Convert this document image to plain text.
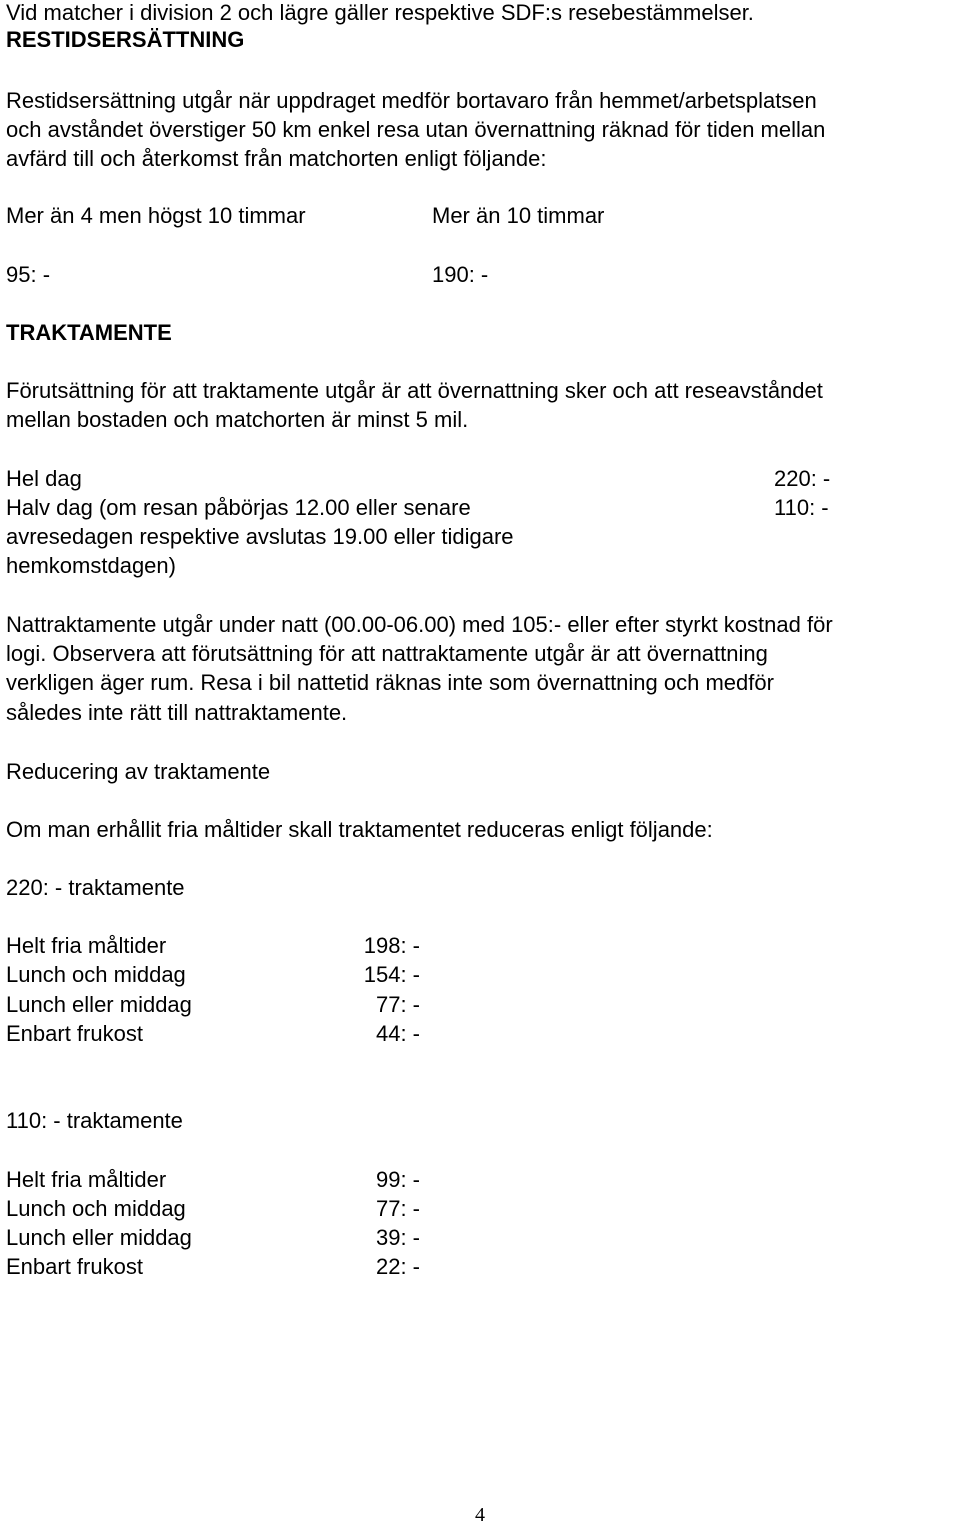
Vid matcher i division 2 och lägre gäller respektive SDF:s resebestämmelser.

RESTIDSERSÄTTNING

Restidsersättning utgår när uppdraget medför bortavaro från hemmet/arbetsplatsen

och avståndet överstiger 50 km enkel resa utan övernattning räknad för tiden mellan

avfärd till och återkomst från matchorten enligt följande:

Mer än 4 men högst 10 timmar	Mer än 10 timmar

95: -	190: -

TRAKTAMENTE

Förutsättning för att traktamente utgår är att övernattning sker och att reseavståndet

mellan bostaden och matchorten är minst 5 mil.

Hel dag	220: -

Halv dag (om resan påbörjas 12.00 eller senare	110: -

avresedagen respektive avslutas 19.00 eller tidigare

hemkomstdagen)

Nattraktamente utgår under natt (00.00-06.00) med 105:- eller efter styrkt kostnad för

logi. Observera att förutsättning för att nattraktamente utgår är att övernattning

verkligen äger rum. Resa i bil nattetid räknas inte som övernattning och medför

således inte rätt till nattraktamente.

Reducering av traktamente

Om man erhållit fria måltider skall traktamentet reduceras enligt följande:

220: - traktamente

Helt fria måltider	198: -

Lunch och middag	154: -

Lunch eller middag	77: -

Enbart frukost	44: -

110: - traktamente

Helt fria måltider	99: -

Lunch och middag	77: -

Lunch eller middag	39: -

Enbart frukost	22: -
4
